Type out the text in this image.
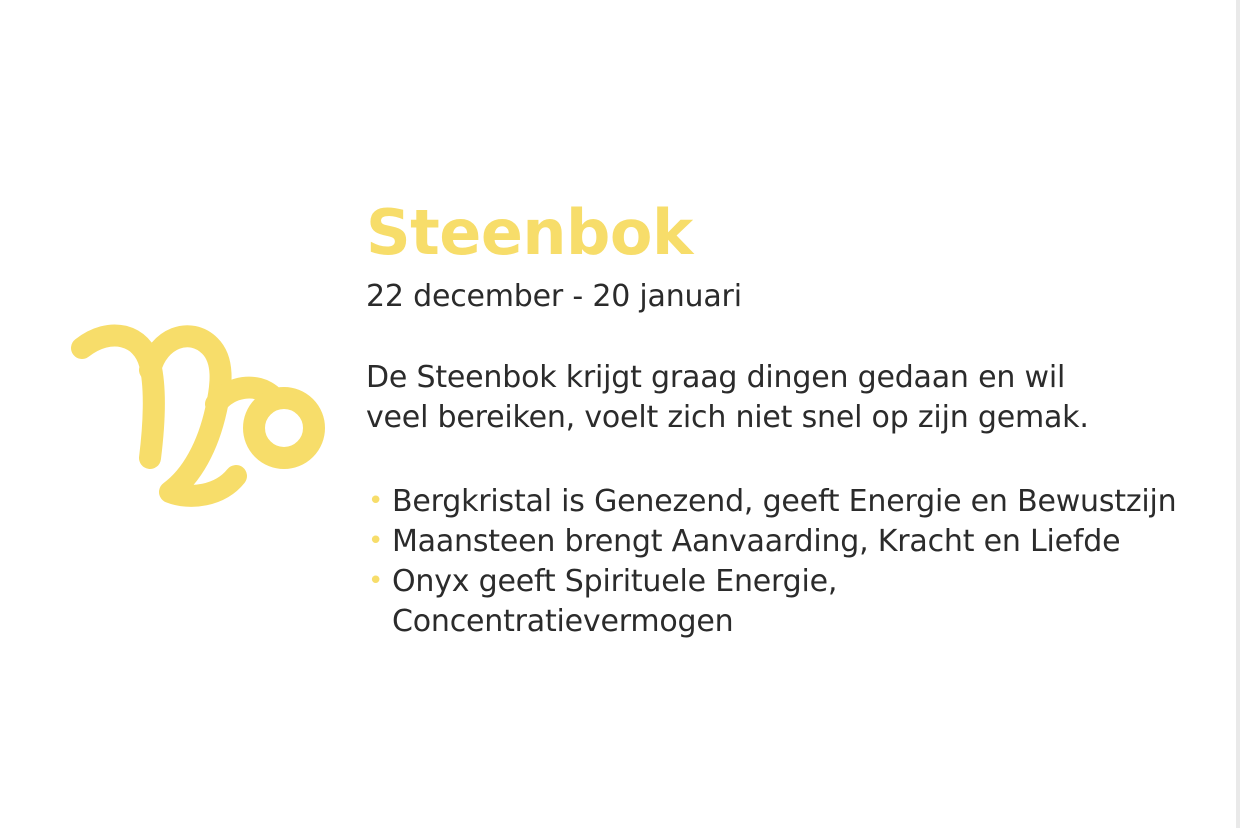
Steenbok
22 december - 20 januari

De Steenbok krijgt graag dingen gedaan en wil veel bereiken, voelt zich niet snel op zijn gemak.

• Bergkristal is Genezend, geeft Energie en Bewustzijn
• Maansteen brengt Aanvaarding, Kracht en Liefde
• Onyx geeft Spirituele Energie, Concentratievermogen
